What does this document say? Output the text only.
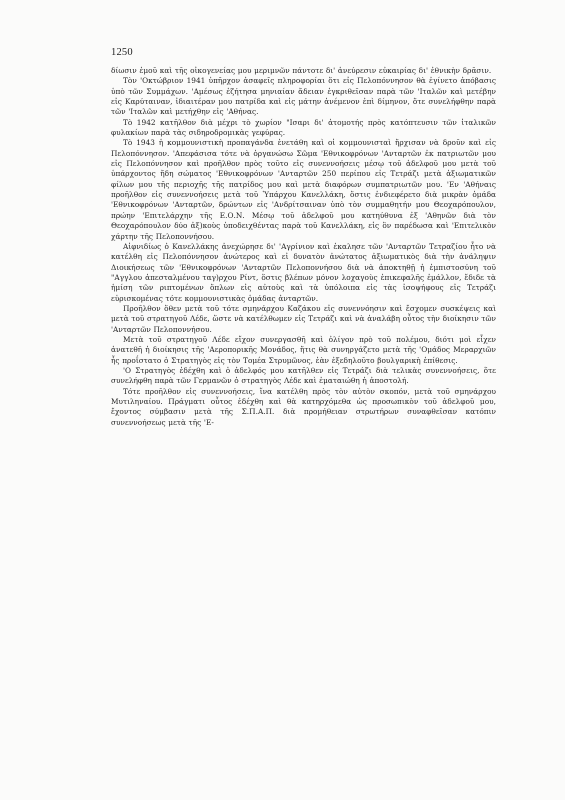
1250

δίωσιν ἐμοῦ καὶ τῆς οἰκογενείας μου μεριμνῶν πάντοτε δι' ἀνεύρεσιν εὐκαιρίας δι' ἐθνικὴν δρᾶσιν.

Τὸν 'Οκτώβριον 1941 ὑπῆρχον ἀσαφεῖς πληροφορίαι ὅτι εἰς Πελοπόννησον θὰ ἐγίνετο ἀπόβασις ὑπὸ τῶν Συμμάχων. 'Αμέσως ἐζήτησα μηνιαίαν ἄδειαν ἐγκριθεῖσαν παρὰ τῶν 'Ιταλῶν καὶ μετέβην εἰς Καρύταιναν, ἰδιαιτέραν μου πατρίδα καὶ εἰς μάτην ἀνέμενον ἐπὶ δίμηνον, ὅτε συνελήφθην παρὰ τῶν 'Ιταλῶν καὶ μετήχθην εἰς 'Αθήνας.

Τὸ 1942 κατῆλθον διὰ μέχρι τὸ χωρίον "Ισαρι δι' ἀτομοτής πρὸς κατόπτευσιν τῶν ἰταλικῶν φυλακίων παρὰ τὰς σιδηροδρομικὰς γεφύρας.

Τὸ 1943 ἡ κομμουνιστικὴ προπαγάνδα ἐνετάθη καὶ οἱ κομμουνισταὶ ἤρχισαν νὰ δροῦν καὶ εἰς Πελοπόννησον. 'Απεφάσισα τότε νὰ ὀργανώσω Σῶμα 'Εθνικοφρόνων 'Ανταρτῶν ἐκ πατριωτῶν μου εἰς Πελοπόννησον καὶ προῆλθον πρὸς τοῦτο εἰς συνεννοήσεις μέσῳ τοῦ ἀδελφοῦ μου μετὰ τοῦ ὑπάρχοντος ἤδη σώματος 'Εθνικοφρόνων 'Ανταρτῶν 250 περίπου εἰς Τετράζι μετὰ ἀξιωματικῶν φίλων μου τῆς περιοχῆς τῆς πατρίδος μου καὶ μετὰ διαφόρων συμπατριωτῶν μου. 'Εν 'Αθήναις προῆλθον εἰς συνεννοήσεις μετὰ τοῦ Ὑπάρχου Κανελλάκη, ὅστις ἐνδιεφέρετο διὰ μικρὰν ὁμάδα 'Εθνικοφρόνων 'Ανταρτῶν, δρώντων εἰς 'Ανδρίτσαιναν ὑπὸ τὸν συμμαθητήν μου Θεοχαρόπουλον, πρώην 'Επιτελάρχην τῆς Ε.Ο.Ν. Μέσῳ τοῦ ἀδελφοῦ μου κατηύθυνα ἐξ 'Αθηνῶν διὰ τὸν Θεοχαρόπουλον δύο ἀξ)κοὺς ὑποδειχθέντας παρὰ τοῦ Κανελλάκη, εἰς ὃν παρέδωσα καὶ 'Επιτελικὸν χάρτην τῆς Πελοποννήσου.

Αἰφνιδίως ὁ Κανελλάκης ἀνεχώρησε δι' 'Αγρίνιον καὶ ἐκαλησε τῶν 'Ανταρτῶν Τετραζίου ἦτο νὰ κατέλθη εἰς Πελοπόννησον ἀνώτερος καὶ εἰ δυνατὸν ἀνώτατος ἀξιωματικὸς διὰ τὴν ἀνάληψιν Διοικήσεως τῶν 'Εθνικοφρόνων 'Ανταρτῶν Πελοποννήσου διὰ νὰ ἀποκτηθῇ ἡ ἐμπιστοσύνη τοῦ "Αγγλου ἀπεσταλμένου ταγ)ρχου Ρίντ, ὅστις βλέπων μόνον λοχαγοὺς ἐπικεφαλῆς ἐμάλλον, ἔδιδε τὰ ἡμίση τῶν ριπτομένων ὅπλων εἰς αὐτοὺς καὶ τὰ ὑπόλοιπα εἰς τὰς ἰσοψήφους εἰς Τετράζι εὑρισκομένας τότε κομμουνιστικὰς ὁμάδας ἀνταρτῶν.

Προῆλθον ὅθεν μετὰ τοῦ τότε σμηνάρχου Καζάκου εἰς συνεννόησιν καὶ ἔσχομεν συσκέψεις καὶ μετὰ τοῦ στρατηγοῦ Λέδε, ὥστε νὰ κατέλθωμεν εἰς Τετράζι καὶ νὰ ἀναλάβη οὗτος τὴν διοίκησιν τῶν 'Ανταρτῶν Πελοποννήσου.

Μετὰ τοῦ στρατηγοῦ Λέδε εἴχον συνεργασθῆ καὶ ὀλίγον πρὸ τοῦ πολέμου, διότι μοὶ εἶχεν ἀνατεθῆ ἡ διοίκησις τῆς 'Αεροπορικῆς Μονάδος, ἥτις θὰ συνηργάζετο μετὰ τῆς 'Ομάδος Μεραρχιῶν ἧς προΐστατο ὁ Στρατηγὸς εἰς τὸν Τομέα Στρυμῶνος, ἐὰν ἐξεδηλοῦτο βουλγαρικὴ ἐπίθεσις.

'Ο Στρατηγὸς ἐδέχθη καὶ ὁ ἀδελφός μου κατῆλθεν εἰς Τετράζι διὰ τελικὰς συνεννοήσεις, ὅτε συνελήφθη παρὰ τῶν Γερμανῶν ὁ στρατηγὸς Λέδε καὶ ἐματαιώθη ἡ ἀποστολή.

Τότε προῆλθον εἰς συνεννοήσεις, ἵνα κατέλθη πρὸς τὸν αὐτὸν σκοπόν, μετὰ τοῦ σμηνάρχου Μυτιληναίου. Πράγματι οὗτος ἐδέχθη καὶ θὰ κατηρχόμεθα ὡς προσωπικὸν τοῦ ἀδελφοῦ μου, ἔχοντος σύμβασιν μετὰ τῆς Σ.Π.Α.Π. διὰ προμήθειαν στρωτήρων συναφθεῖσαν κατόπιν συνεννοήσεως μετὰ τῆς 'Ε-
